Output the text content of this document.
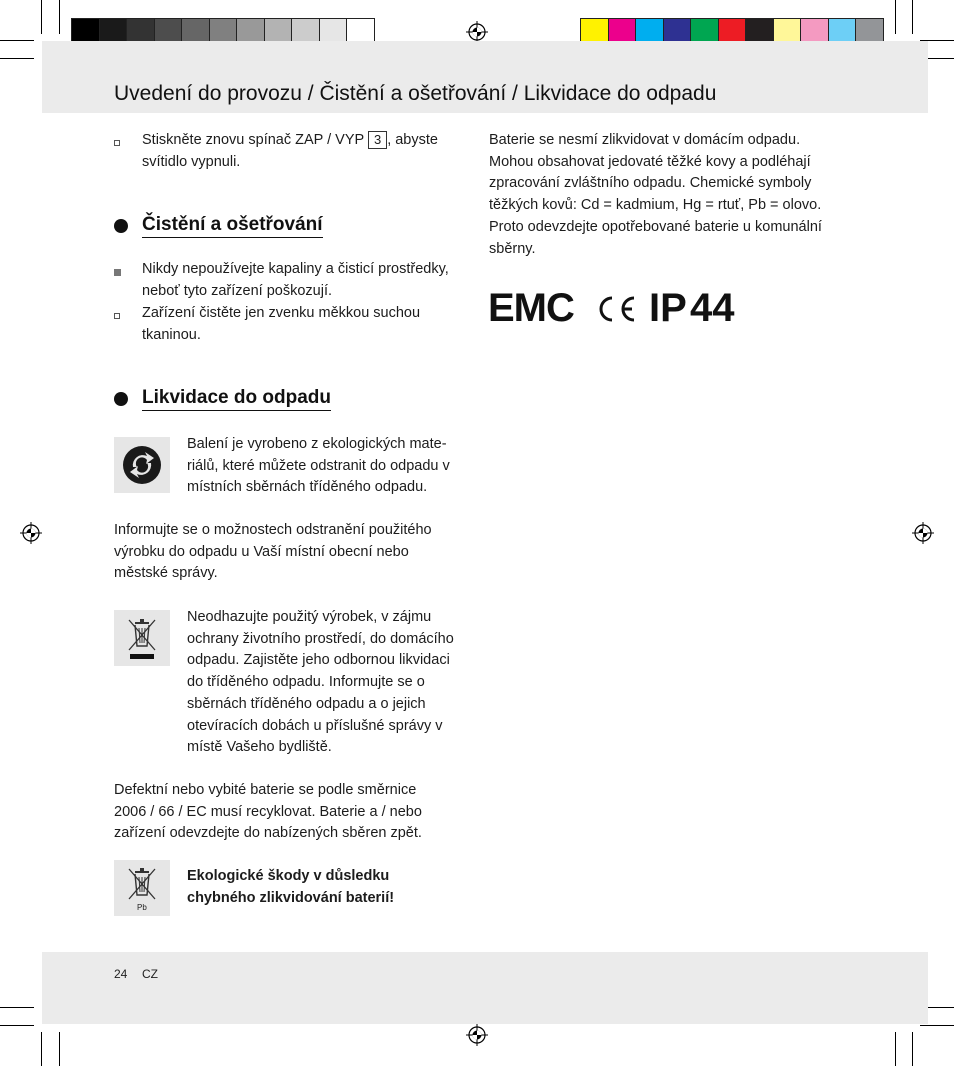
Uvedení do provozu / Čistění a ošetřování / Likvidace do odpadu
Stiskněte znovu spínač ZAP / VYP 3 , abyste
svítidlo vypnuli.
Čistění a ošetřování
Nikdy nepoužívejte kapaliny a čisticí prostředky,
neboť tyto zařízení poškozují.
Zařízení čistěte jen zvenku měkkou suchou
tkaninou.
Likvidace do odpadu
Balení je vyrobeno z ekologických mate-
riálů, které můžete odstranit do odpadu v
místních sběrnách tříděného odpadu.
Informujte se o možnostech odstranění použitého
výrobku do odpadu u Vaší místní obecní nebo
městské správy.
Neodhazujte použitý výrobek, v zájmu
ochrany životního prostředí, do domácího
odpadu. Zajistěte jeho odbornou likvidaci
do tříděného odpadu. Informujte se o
sběrnách tříděného odpadu a o jejich
otevíracích dobách u příslušné správy v
místě Vašeho bydliště.
Defektní nebo vybité baterie se podle směrnice
2006 / 66 / EC musí recyklovat. Baterie a / nebo
zařízení odevzdejte do nabízených sběren zpět.
Pb
Ekologické škody v důsledku
chybného zlikvidování baterií!
Baterie se nesmí zlikvidovat v domácím odpadu.
Mohou obsahovat jedovaté těžké kovy a podléhají
zpracování zvláštního odpadu. Chemické symboly
těžkých kovů: Cd = kadmium, Hg = rtuť, Pb = olovo.
Proto odevzdejte opotřebované baterie u komunální
sběrny.
EMC IP 44
24 CZ
